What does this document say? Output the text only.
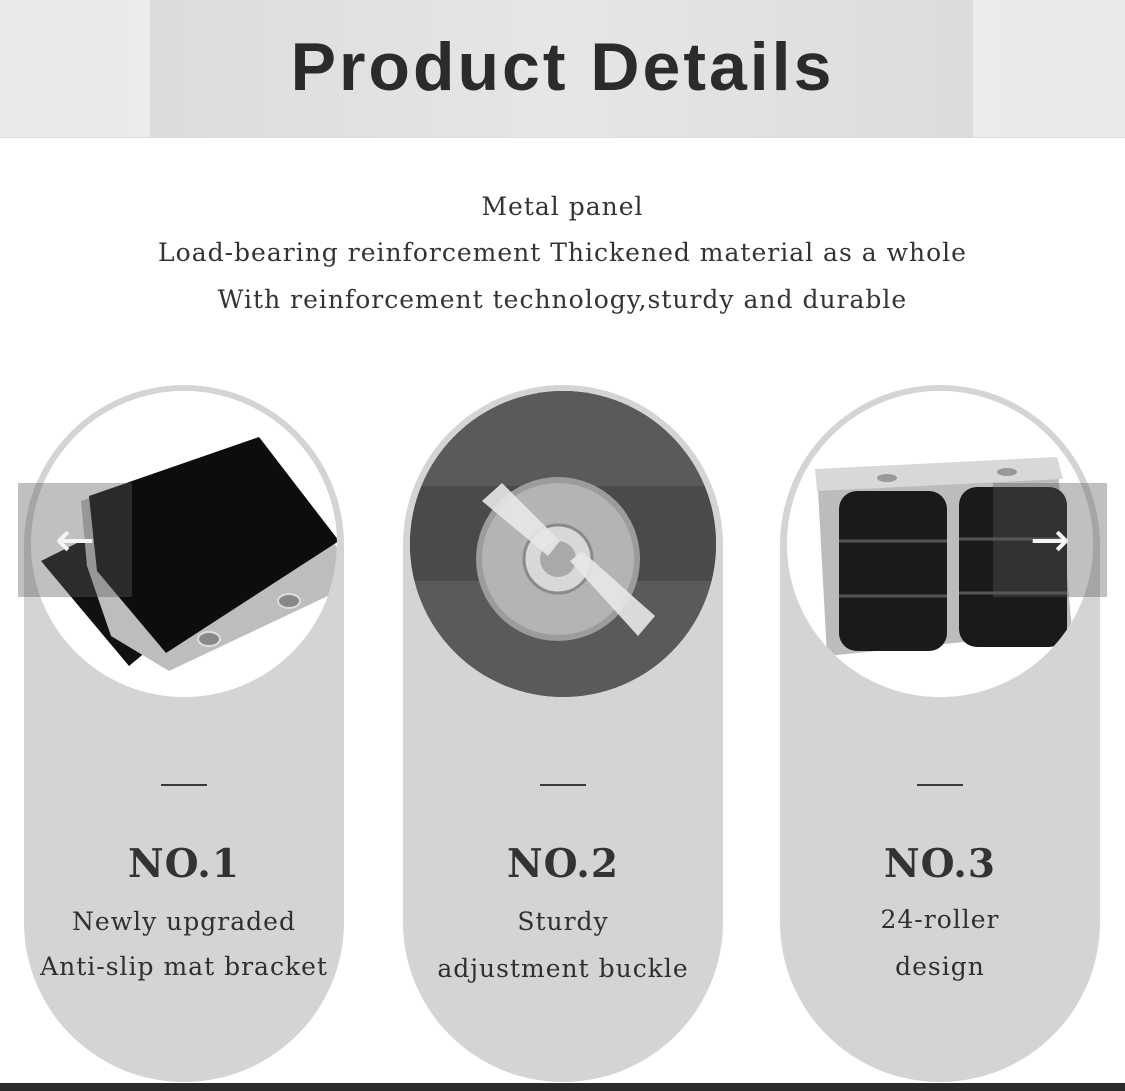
Product Details
Metal panel
Load-bearing reinforcement Thickened material as a whole
With reinforcement technology,sturdy and durable
NO.1
Newly upgraded
Anti-slip mat bracket
NO.2
Sturdy
adjustment buckle
NO.3
24-roller
design
←	→
